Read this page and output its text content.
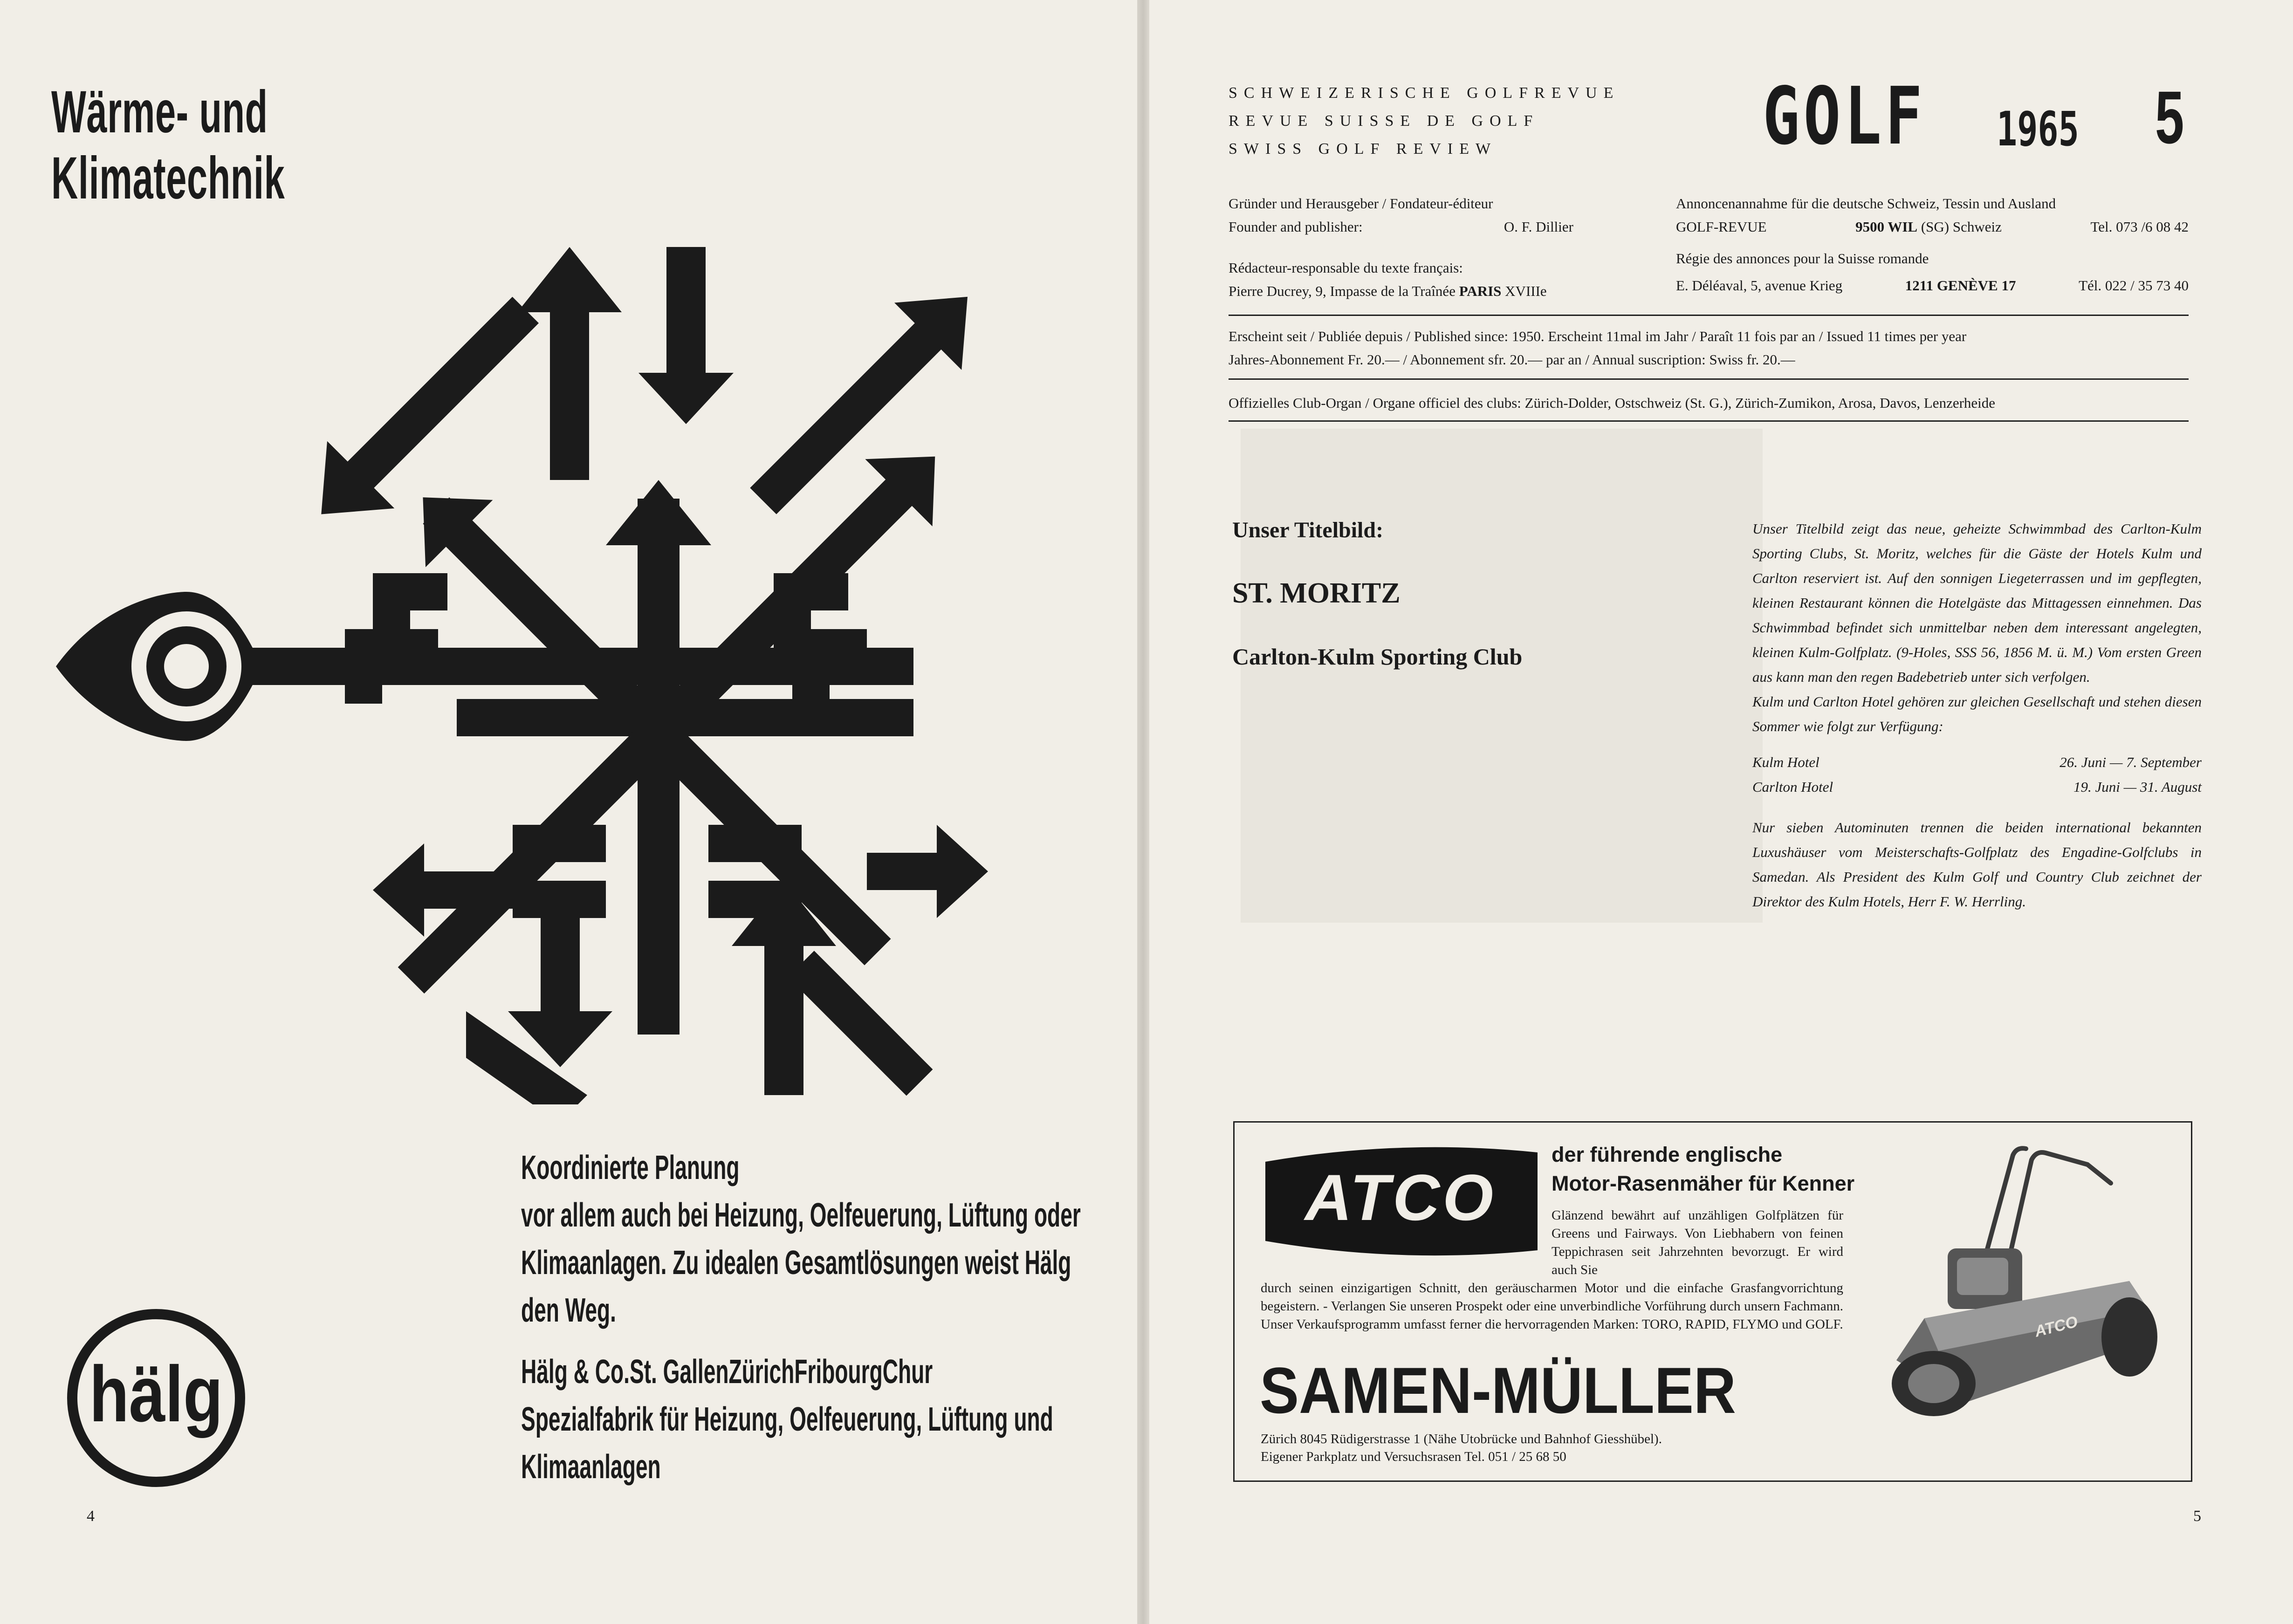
Wärme- und
Klimatechnik
Koordinierte Planung
vor allem auch bei Heizung, Oelfeuerung, Lüftung oder
Klimaanlagen. Zu idealen Gesamtlösungen weist Hälg
den Weg.
Hälg & Co. St. Gallen Zürich Fribourg Chur
Spezialfabrik für Heizung, Oelfeuerung, Lüftung und
Klimaanlagen
hälg
4
SCHWEIZERISCHE GOLFREVUE
REVUE SUISSE DE GOLF
SWISS GOLF REVIEW	GOLF 1965 5
Gründer und Herausgeber / Fondateur-éditeur
Founder and publisher:	O. F. Dillier
Rédacteur-responsable du texte français:
Pierre Ducrey, 9, Impasse de la Traînée PARIS XVIIIe
Annoncenannahme für die deutsche Schweiz, Tessin und Ausland
GOLF-REVUE	9500 WIL (SG) Schweiz	Tel. 073 /6 08 42
Régie des annonces pour la Suisse romande
E. Déléaval, 5, avenue Krieg	1211 GENÈVE 17	Tél. 022 / 35 73 40
Erscheint seit / Publiée depuis / Published since: 1950. Erscheint 11mal im Jahr / Paraît 11 fois par an / Issued 11 times per year
Jahres-Abonnement Fr. 20.— / Abonnement sfr. 20.— par an / Annual suscription: Swiss fr. 20.—
Offizielles Club-Organ / Organe officiel des clubs: Zürich-Dolder, Ostschweiz (St. G.), Zürich-Zumikon, Arosa, Davos, Lenzerheide
Unser Titelbild:
ST. MORITZ
Carlton-Kulm Sporting Club

Unser Titelbild zeigt das neue, geheizte Schwimmbad des Carlton-Kulm Sporting Clubs, St. Moritz, welches für die Gäste der Hotels Kulm und Carlton reserviert ist. Auf den sonnigen Liegeterrassen und im gepflegten, kleinen Restaurant können die Hotelgäste das Mittagessen einnehmen. Das Schwimmbad befindet sich unmittelbar neben dem interessant angelegten, kleinen Kulm-Golfplatz. (9-Holes, SSS 56, 1856 M. ü. M.) Vom ersten Green aus kann man den regen Badebetrieb unter sich verfolgen.

Kulm und Carlton Hotel gehören zur gleichen Gesellschaft und stehen diesen Sommer wie folgt zur Verfügung:

Kulm Hotel	26. Juni — 7. September
Carlton Hotel	19. Juni — 31. August

Nur sieben Autominuten trennen die beiden international bekannten Luxushäuser vom Meisterschafts-Golfplatz des Engadine-Golfclubs in Samedan. Als President des Kulm Golf und Country Club zeichnet der Direktor des Kulm Hotels, Herr F. W. Herrling.

ATCO
der führende englische
Motor-Rasenmäher für Kenner
Glänzend bewährt auf unzähligen Golfplätzen für Greens und Fairways. Von Liebhabern von feinen Teppichrasen seit Jahrzehnten bevorzugt. Er wird auch Sie
durch seinen einzigartigen Schnitt, den geräuscharmen Motor und die einfache Grasfangvorrichtung begeistern. - Verlangen Sie unseren Prospekt oder eine unverbindliche Vorführung durch unsern Fachmann. Unser Verkaufsprogramm umfasst ferner die hervorragenden Marken: TORO, RAPID, FLYMO und GOLF.
SAMEN-MÜLLER
Zürich 8045 Rüdigerstrasse 1 (Nähe Utobrücke und Bahnhof Giesshübel).
Eigener Parkplatz und Versuchsrasen Tel. 051 / 25 68 50
ATCO
5
